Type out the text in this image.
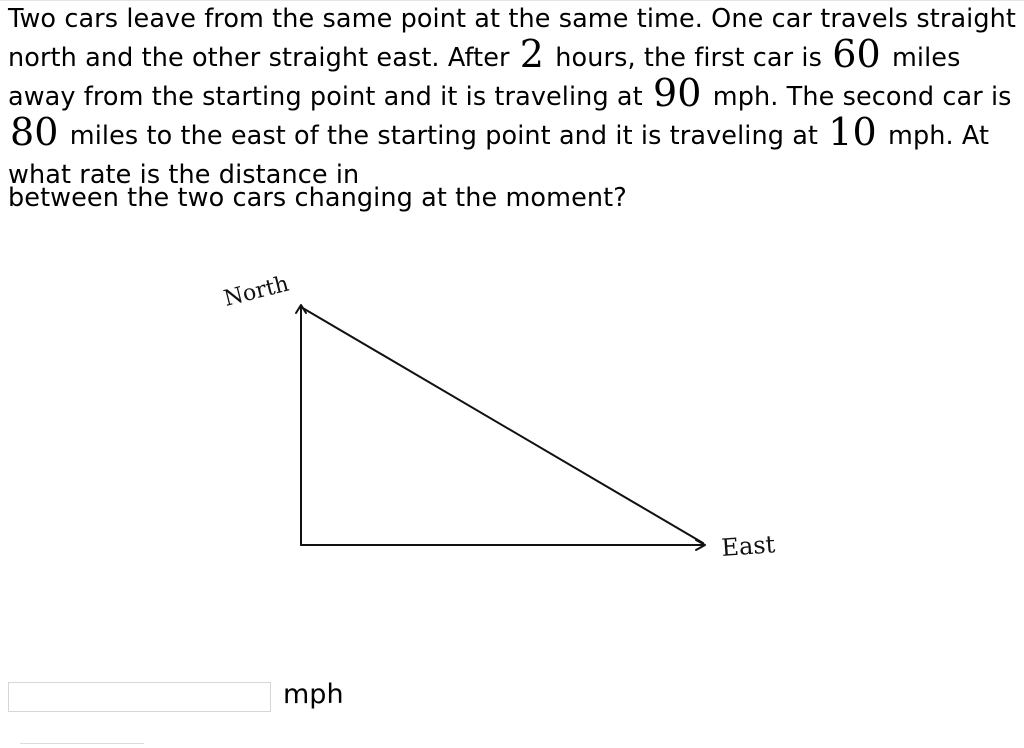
Two cars leave from the same point at the same time. One car travels straight north and the other straight east. After 2 hours, the first car is 60 miles away from the starting point and it is traveling at 90 mph. The second car is 80 miles to the east of the starting point and it is traveling at 10 mph. At what rate is the distance in
between the two cars changing at the moment?

North
East
mph
